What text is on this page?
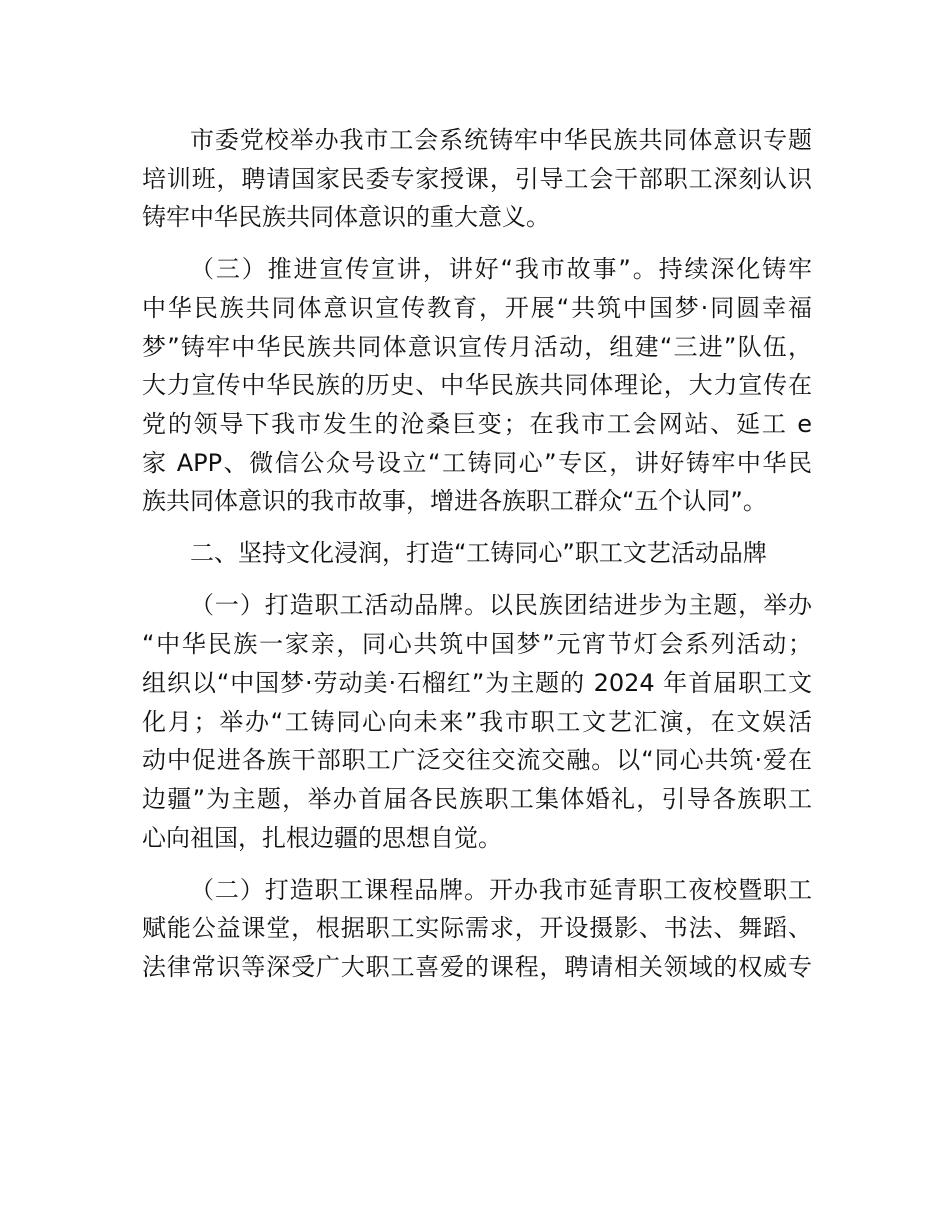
市委党校举办我市工会系统铸牢中华民族共同体意识专题
培训班，聘请国家民委专家授课，引导工会干部职工深刻认识
铸牢中华民族共同体意识的重大意义。
（三）推进宣传宣讲，讲好“我市故事”。持续深化铸牢
中华民族共同体意识宣传教育，开展“共筑中国梦·同圆幸福
梦”铸牢中华民族共同体意识宣传月活动，组建“三进”队伍，
大力宣传中华民族的历史、中华民族共同体理论，大力宣传在
党的领导下我市发生的沧桑巨变；在我市工会网站、延工 e
家 APP、微信公众号设立“工铸同心”专区，讲好铸牢中华民
族共同体意识的我市故事，增进各族职工群众“五个认同”。
二、坚持文化浸润，打造“工铸同心”职工文艺活动品牌
（一）打造职工活动品牌。以民族团结进步为主题，举办
“中华民族一家亲，同心共筑中国梦”元宵节灯会系列活动；
组织以“中国梦·劳动美·石榴红”为主题的 2024 年首届职工文
化月；举办“工铸同心向未来”我市职工文艺汇演，在文娱活
动中促进各族干部职工广泛交往交流交融。以“同心共筑·爱在
边疆”为主题，举办首届各民族职工集体婚礼，引导各族职工
心向祖国，扎根边疆的思想自觉。
（二）打造职工课程品牌。开办我市延青职工夜校暨职工
赋能公益课堂，根据职工实际需求，开设摄影、书法、舞蹈、
法律常识等深受广大职工喜爱的课程，聘请相关领域的权威专
